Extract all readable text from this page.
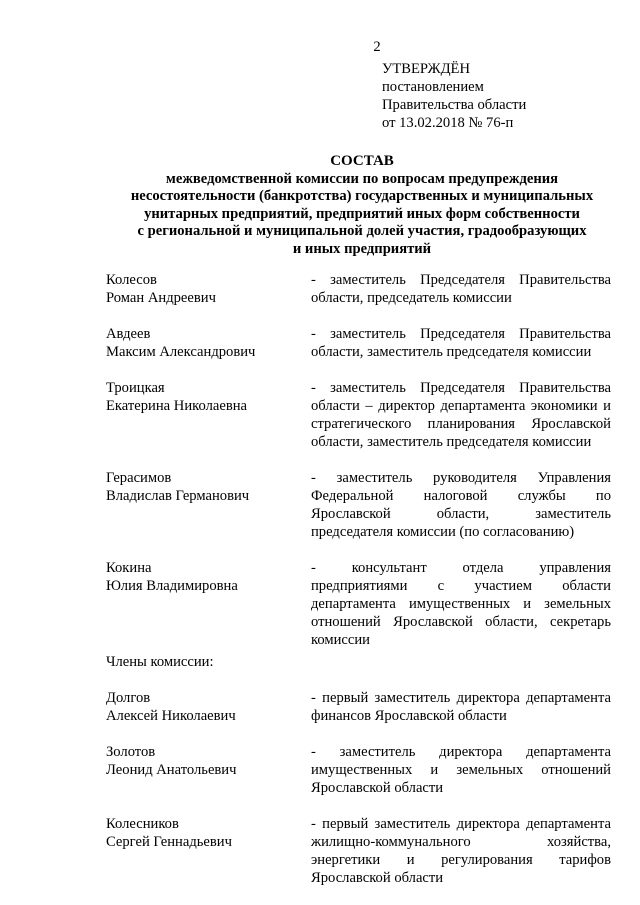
2
УТВЕРЖДЁН
постановлением
Правительства области
от 13.02.2018 № 76-п
СОСТАВ
межведомственной комиссии по вопросам предупреждения
несостоятельности (банкротства) государственных и муниципальных
унитарных предприятий, предприятий иных форм собственности
с региональной и муниципальной долей участия, градообразующих
и иных предприятий
Колесов
Роман Андреевич
- заместитель Председателя Правительства области, председатель комиссии
Авдеев
Максим Александрович
- заместитель Председателя Правительства области, заместитель председателя комиссии
Троицкая
Екатерина Николаевна
- заместитель Председателя Правительства области – директор департамента экономики и стратегического планирования Ярославской области, заместитель председателя комиссии
Герасимов
Владислав Германович
- заместитель руководителя Управления Федеральной налоговой службы по Ярославской области, заместитель председателя комиссии (по согласованию)
Кокина
Юлия Владимировна
- консультант отдела управления предприятиями с участием области департамента имущественных и земельных отношений Ярославской области, секретарь комиссии
Члены комиссии:
Долгов
Алексей Николаевич
- первый заместитель директора департамента финансов Ярославской области
Золотов
Леонид Анатольевич
- заместитель директора департамента имущественных и земельных отношений Ярославской области
Колесников
Сергей Геннадьевич
- первый заместитель директора департамента жилищно-коммунального хозяйства, энергетики и регулирования тарифов Ярославской области
